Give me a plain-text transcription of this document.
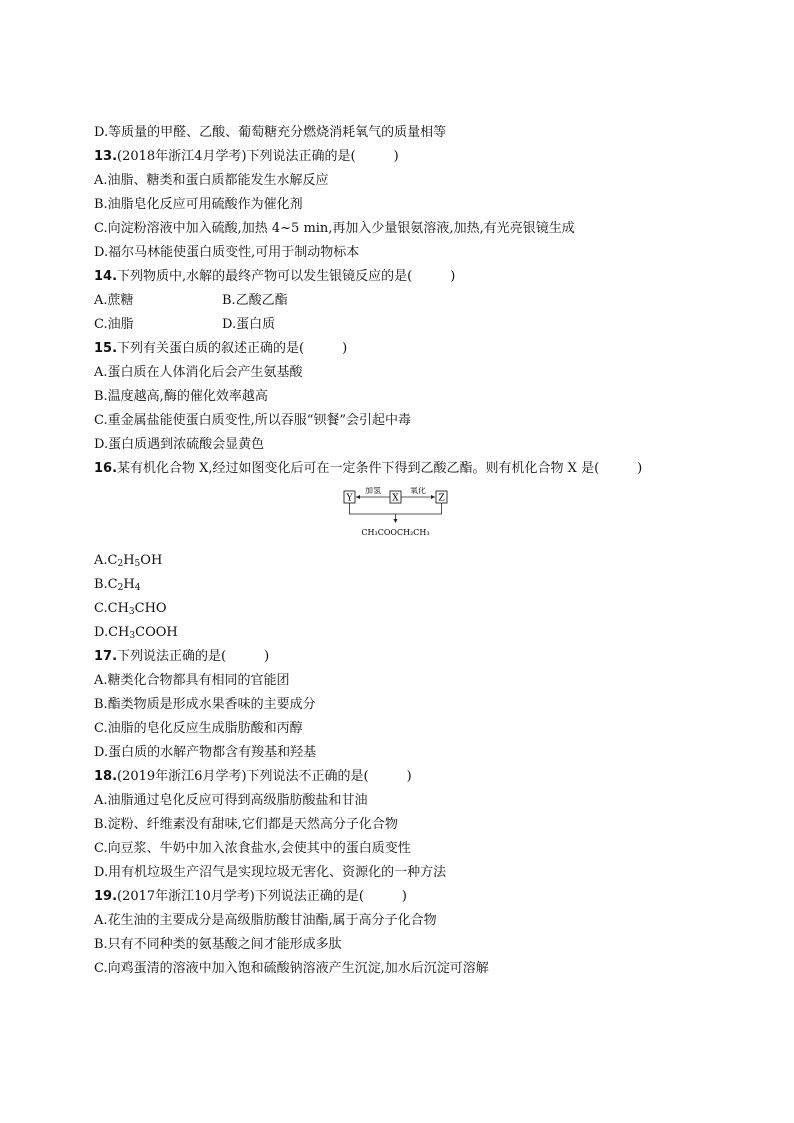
D.等质量的甲醛、乙酸、葡萄糖充分燃烧消耗氧气的质量相等
13.(2018年浙江4月学考)下列说法正确的是(	)
A.油脂、糖类和蛋白质都能发生水解反应
B.油脂皂化反应可用硫酸作为催化剂
C.向淀粉溶液中加入硫酸,加热 4~5 min,再加入少量银氨溶液,加热,有光亮银镜生成
D.福尔马林能使蛋白质变性,可用于制动物标本
14.下列物质中,水解的最终产物可以发生银镜反应的是(	)
A.蔗糖	B.乙酸乙酯
C.油脂	D.蛋白质
15.下列有关蛋白质的叙述正确的是(	)
A.蛋白质在人体消化后会产生氨基酸
B.温度越高,酶的催化效率越高
C.重金属盐能使蛋白质变性,所以吞服“钡餐”会引起中毒
D.蛋白质遇到浓硫酸会显黄色
16.某有机化合物 X,经过如图变化后可在一定条件下得到乙酸乙酯。则有机化合物 X 是(	)
Y	X	Z
加氢	氧化
CH₃COOCH₂CH₃
$A.C_2H_5OH$
$B.C_2H_4$
$C.CH_3CHO$
$D.CH_3COOH$
17.下列说法正确的是(	)
A.糖类化合物都具有相同的官能团
B.酯类物质是形成水果香味的主要成分
C.油脂的皂化反应生成脂肪酸和丙醇
D.蛋白质的水解产物都含有羧基和羟基
18.(2019年浙江6月学考)下列说法不正确的是(	)
A.油脂通过皂化反应可得到高级脂肪酸盐和甘油
B.淀粉、纤维素没有甜味,它们都是天然高分子化合物
C.向豆浆、牛奶中加入浓食盐水,会使其中的蛋白质变性
D.用有机垃圾生产沼气是实现垃圾无害化、资源化的一种方法
19.(2017年浙江10月学考)下列说法正确的是(	)
A.花生油的主要成分是高级脂肪酸甘油酯,属于高分子化合物
B.只有不同种类的氨基酸之间才能形成多肽
C.向鸡蛋清的溶液中加入饱和硫酸钠溶液产生沉淀,加水后沉淀可溶解
